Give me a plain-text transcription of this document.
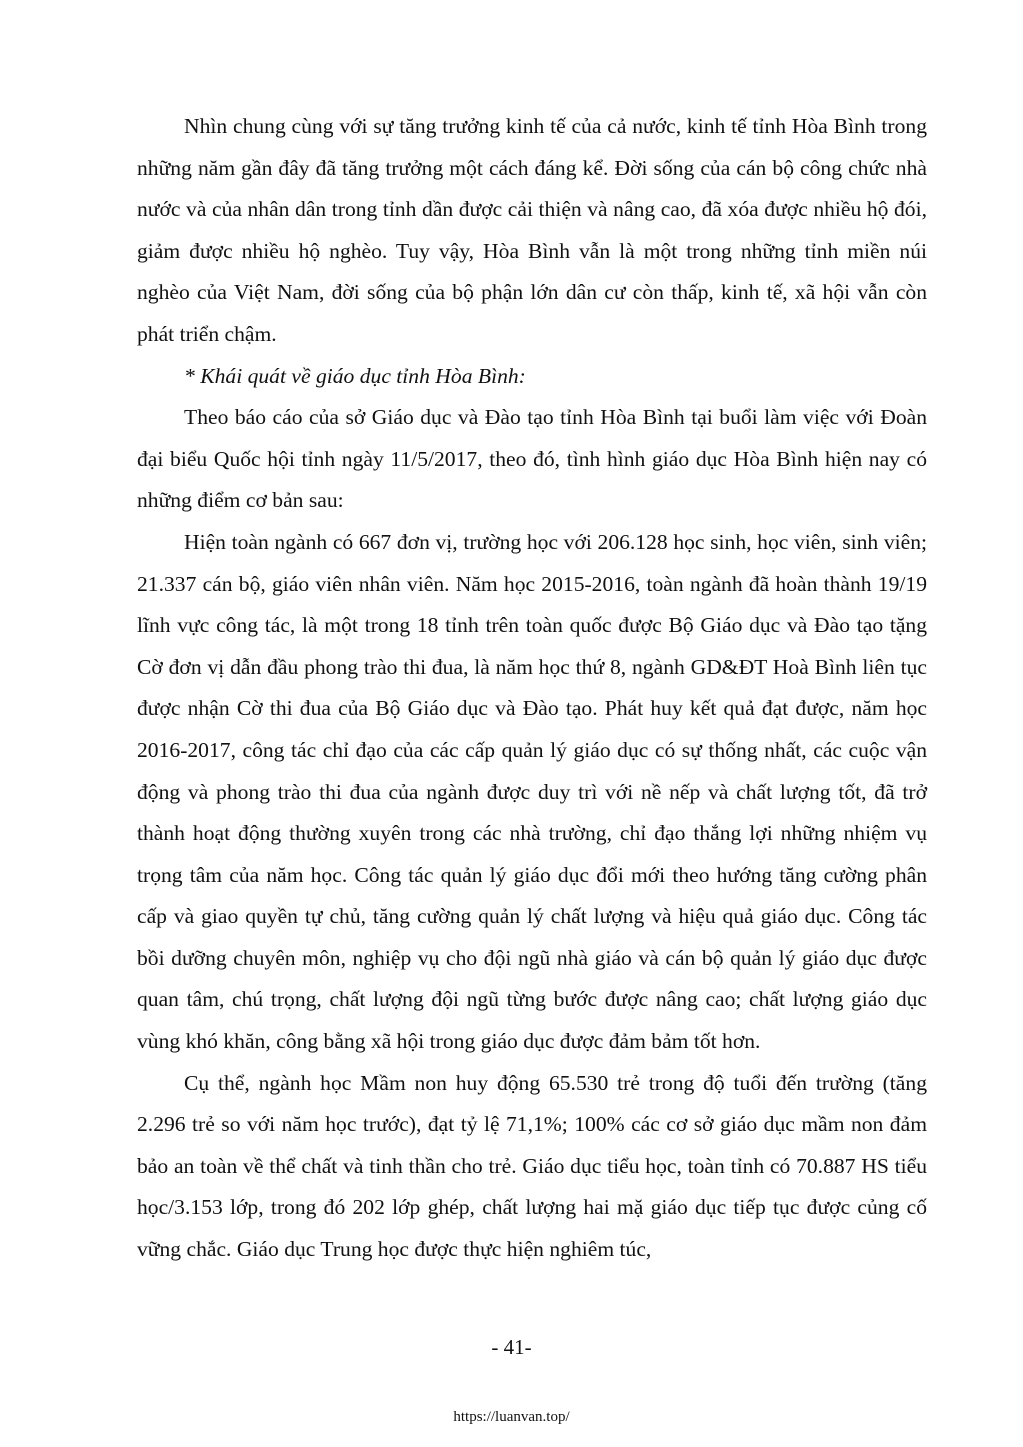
Nhìn chung cùng với sự tăng trưởng kinh tế của cả nước, kinh tế tỉnh Hòa Bình trong những năm gần đây đã tăng trưởng một cách đáng kể. Đời sống của cán bộ công chức nhà nước và của nhân dân trong tỉnh dần được cải thiện và nâng cao, đã xóa được nhiều hộ đói, giảm được nhiều hộ nghèo. Tuy vậy, Hòa Bình vẫn là một trong những tỉnh miền núi nghèo của Việt Nam, đời sống của bộ phận lớn dân cư còn thấp, kinh tế, xã hội vẫn còn phát triển chậm.

* Khái quát về giáo dục tỉnh Hòa Bình:

Theo báo cáo của sở Giáo dục và Đào tạo tỉnh Hòa Bình tại buổi làm việc với Đoàn đại biểu Quốc hội tỉnh ngày 11/5/2017, theo đó, tình hình giáo dục Hòa Bình hiện nay có những điểm cơ bản sau:

Hiện toàn ngành có 667 đơn vị, trường học với 206.128 học sinh, học viên, sinh viên; 21.337 cán bộ, giáo viên nhân viên. Năm học 2015-2016, toàn ngành đã hoàn thành 19/19 lĩnh vực công tác, là một trong 18 tỉnh trên toàn quốc được Bộ Giáo dục và Đào tạo tặng Cờ đơn vị dẫn đầu phong trào thi đua, là năm học thứ 8, ngành GD&ĐT Hoà Bình liên tục được nhận Cờ thi đua của Bộ Giáo dục và Đào tạo. Phát huy kết quả đạt được, năm học 2016-2017, công tác chỉ đạo của các cấp quản lý giáo dục có sự thống nhất, các cuộc vận động và phong trào thi đua của ngành được duy trì với nề nếp và chất lượng tốt, đã trở thành hoạt động thường xuyên trong các nhà trường, chỉ đạo thắng lợi những nhiệm vụ trọng tâm của năm học. Công tác quản lý giáo dục đổi mới theo hướng tăng cường phân cấp và giao quyền tự chủ, tăng cường quản lý chất lượng và hiệu quả giáo dục. Công tác bồi dưỡng chuyên môn, nghiệp vụ cho đội ngũ nhà giáo và cán bộ quản lý giáo dục được quan tâm, chú trọng, chất lượng đội ngũ từng bước được nâng cao; chất lượng giáo dục vùng khó khăn, công bằng xã hội trong giáo dục được đảm bảm tốt hơn.

Cụ thể, ngành học Mầm non huy động 65.530 trẻ trong độ tuổi đến trường (tăng 2.296 trẻ so với năm học trước), đạt tỷ lệ 71,1%; 100% các cơ sở giáo dục mầm non đảm bảo an toàn về thể chất và tinh thần cho trẻ. Giáo dục tiểu học, toàn tỉnh có 70.887 HS tiểu học/3.153 lớp, trong đó 202 lớp ghép, chất lượng hai mặ giáo dục tiếp tục được củng cố vững chắc. Giáo dục Trung học được thực hiện nghiêm túc,

- 41-
https://luanvan.top/
